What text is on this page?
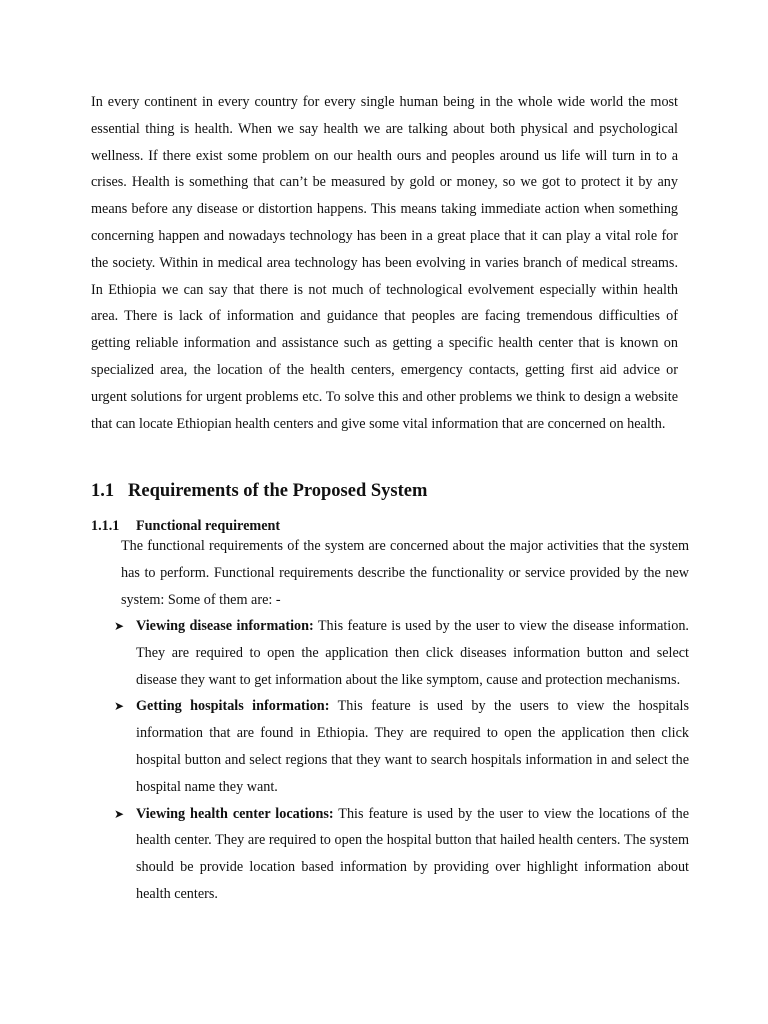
In every continent in every country for every single human being in the whole wide world the most essential thing is health. When we say health we are talking about both physical and psychological wellness. If there exist some problem on our health ours and peoples around us life will turn in to a crises. Health is something that can’t be measured by gold or money, so we got to protect it by any means before any disease or distortion happens. This means taking immediate action when something concerning happen and nowadays technology has been in a great place that it can play a vital role for the society. Within in medical area technology has been evolving in varies branch of medical streams. In Ethiopia we can say that there is not much of technological evolvement especially within health area. There is lack of information and guidance that peoples are facing tremendous difficulties of getting reliable information and assistance such as getting a specific health center that is known on specialized area, the location of the health centers, emergency contacts, getting first aid advice or urgent solutions for urgent problems etc. To solve this and other problems we think to design a website that can locate Ethiopian health centers and give some vital information that are concerned on health.

1.1 Requirements of the Proposed System
1.1.1 Functional requirement

The functional requirements of the system are concerned about the major activities that the system has to perform. Functional requirements describe the functionality or service provided by the new system: Some of them are: -

➤ Viewing disease information: This feature is used by the user to view the disease information. They are required to open the application then click diseases information button and select disease they want to get information about the like symptom, cause and protection mechanisms.
➤ Getting hospitals information: This feature is used by the users to view the hospitals information that are found in Ethiopia. They are required to open the application then click hospital button and select regions that they want to search hospitals information in and select the hospital name they want.
➤ Viewing health center locations: This feature is used by the user to view the locations of the health center. They are required to open the hospital button that hailed health centers. The system should be provide location based information by providing over highlight information about health centers.
